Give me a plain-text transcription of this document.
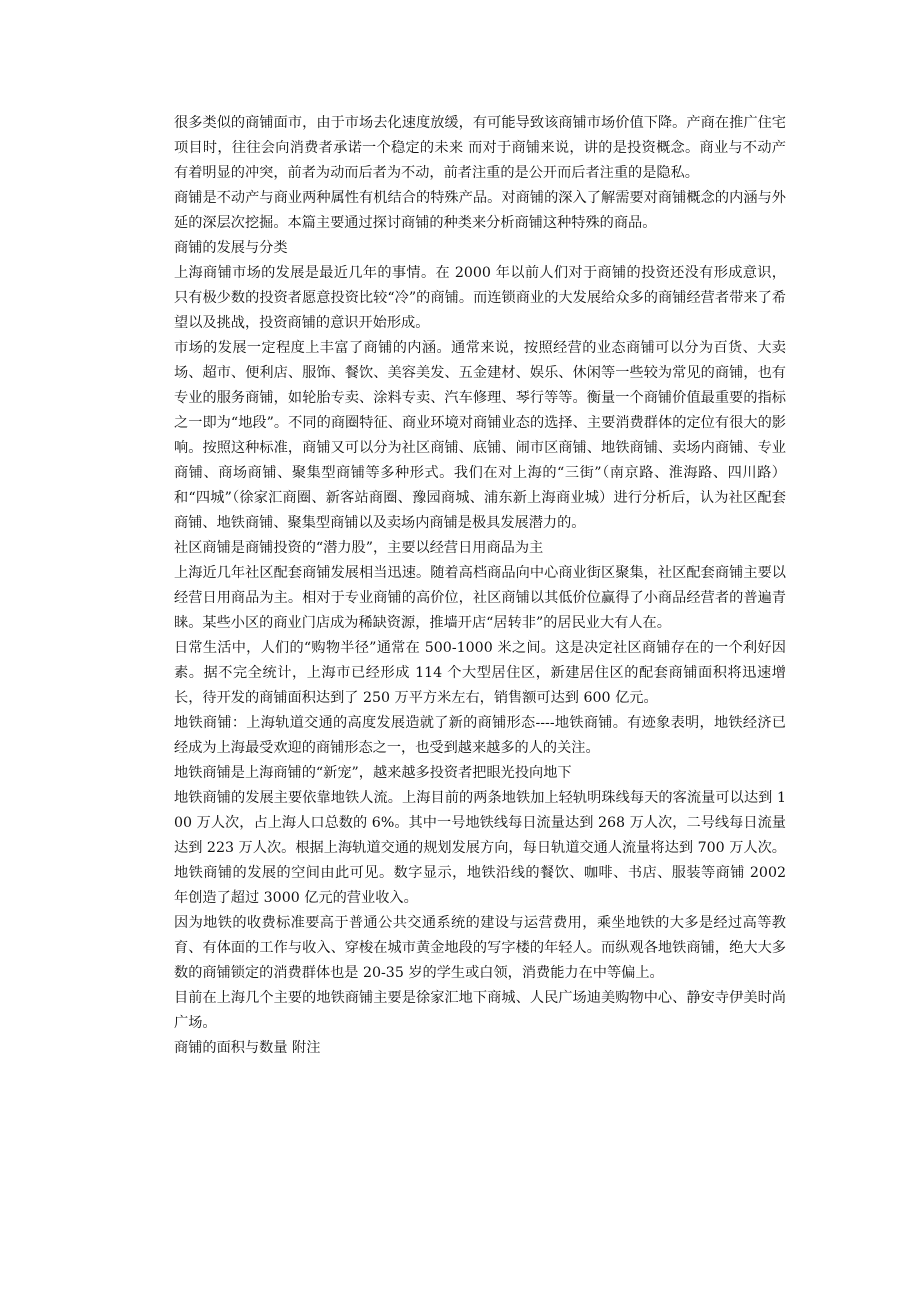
很多类似的商铺面市，由于市场去化速度放缓，有可能导致该商铺市场价值下降。产商在推广住宅项目时，往往会向消费者承诺一个稳定的未来 而对于商铺来说，讲的是投资概念。商业与不动产有着明显的冲突，前者为动而后者为不动，前者注重的是公开而后者注重的是隐私。

商铺是不动产与商业两种属性有机结合的特殊产品。对商铺的深入了解需要对商铺概念的内涵与外延的深层次挖掘。本篇主要通过探讨商铺的种类来分析商铺这种特殊的商品。

商铺的发展与分类

上海商铺市场的发展是最近几年的事情。在 2000 年以前人们对于商铺的投资还没有形成意识，只有极少数的投资者愿意投资比较“冷”的商铺。而连锁商业的大发展给众多的商铺经营者带来了希望以及挑战，投资商铺的意识开始形成。

市场的发展一定程度上丰富了商铺的内涵。通常来说，按照经营的业态商铺可以分为百货、大卖场、超市、便利店、服饰、餐饮、美容美发、五金建材、娱乐、休闲等一些较为常见的商铺，也有专业的服务商铺，如轮胎专卖、涂料专卖、汽车修理、琴行等等。衡量一个商铺价值最重要的指标之一即为“地段”。不同的商圈特征、商业环境对商铺业态的选择、主要消费群体的定位有很大的影响。按照这种标准，商铺又可以分为社区商铺、底铺、闹市区商铺、地铁商铺、卖场内商铺、专业商铺、商场商铺、聚集型商铺等多种形式。我们在对上海的“三街”（南京路、淮海路、四川路）和“四城”（徐家汇商圈、新客站商圈、豫园商城、浦东新上海商业城）进行分析后，认为社区配套商铺、地铁商铺、聚集型商铺以及卖场内商铺是极具发展潜力的。

社区商铺是商铺投资的“潜力股”，主要以经营日用商品为主

上海近几年社区配套商铺发展相当迅速。随着高档商品向中心商业街区聚集，社区配套商铺主要以经营日用商品为主。相对于专业商铺的高价位，社区商铺以其低价位赢得了小商品经营者的普遍青睐。某些小区的商业门店成为稀缺资源，推墙开店“居转非”的居民业大有人在。

日常生活中，人们的“购物半径”通常在 500-1000 米之间。这是决定社区商铺存在的一个利好因素。据不完全统计，上海市已经形成 114 个大型居住区，新建居住区的配套商铺面积将迅速增长，待开发的商铺面积达到了 250 万平方米左右，销售额可达到 600 亿元。

地铁商铺：上海轨道交通的高度发展造就了新的商铺形态----地铁商铺。有迹象表明，地铁经济已经成为上海最受欢迎的商铺形态之一，也受到越来越多的人的关注。

地铁商铺是上海商铺的“新宠”，越来越多投资者把眼光投向地下

地铁商铺的发展主要依靠地铁人流。上海目前的两条地铁加上轻轨明珠线每天的客流量可以达到 100 万人次，占上海人口总数的 6%。其中一号地铁线每日流量达到 268 万人次，二号线每日流量达到 223 万人次。根据上海轨道交通的规划发展方向，每日轨道交通人流量将达到 700 万人次。地铁商铺的发展的空间由此可见。数字显示，地铁沿线的餐饮、咖啡、书店、服装等商铺 2002 年创造了超过 3000 亿元的营业收入。

因为地铁的收费标准要高于普通公共交通系统的建设与运营费用，乘坐地铁的大多是经过高等教育、有体面的工作与收入、穿梭在城市黄金地段的写字楼的年轻人。而纵观各地铁商铺，绝大大多数的商铺锁定的消费群体也是 20-35 岁的学生或白领，消费能力在中等偏上。

目前在上海几个主要的地铁商铺主要是徐家汇地下商城、人民广场迪美购物中心、静安寺伊美时尚广场。

商铺的面积与数量 附注
